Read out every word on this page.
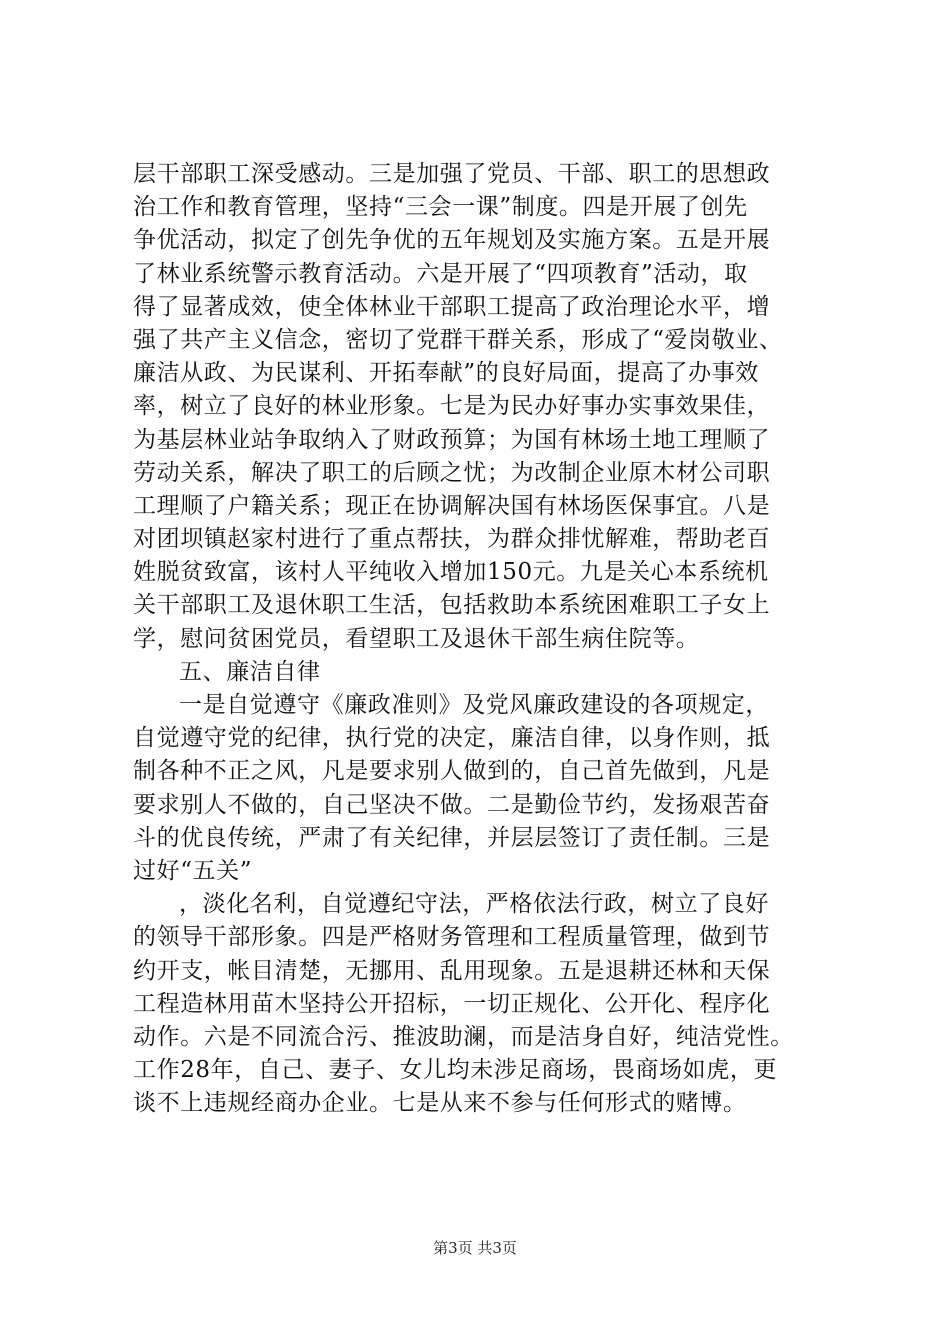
层干部职工深受感动。三是加强了党员、干部、职工的思想政
治工作和教育管理，坚持“三会一课”制度。四是开展了创先
争优活动，拟定了创先争优的五年规划及实施方案。五是开展
了林业系统警示教育活动。六是开展了“四项教育”活动，取
得了显著成效，使全体林业干部职工提高了政治理论水平，增
强了共产主义信念，密切了党群干群关系，形成了“爱岗敬业、
廉洁从政、为民谋利、开拓奉献”的良好局面，提高了办事效
率，树立了良好的林业形象。七是为民办好事办实事效果佳，
为基层林业站争取纳入了财政预算；为国有林场土地工理顺了
劳动关系，解决了职工的后顾之忧；为改制企业原木材公司职
工理顺了户籍关系；现正在协调解决国有林场医保事宜。八是
对团坝镇赵家村进行了重点帮扶，为群众排忧解难，帮助老百
姓脱贫致富，该村人平纯收入增加150元。九是关心本系统机
关干部职工及退休职工生活，包括救助本系统困难职工子女上
学，慰问贫困党员，看望职工及退休干部生病住院等。
五、廉洁自律
一是自觉遵守《廉政准则》及党风廉政建设的各项规定，
自觉遵守党的纪律，执行党的决定，廉洁自律，以身作则，抵
制各种不正之风，凡是要求别人做到的，自己首先做到，凡是
要求别人不做的，自己坚决不做。二是勤俭节约，发扬艰苦奋
斗的优良传统，严肃了有关纪律，并层层签订了责任制。三是
过好“五关”
，淡化名利，自觉遵纪守法，严格依法行政，树立了良好
的领导干部形象。四是严格财务管理和工程质量管理，做到节
约开支，帐目清楚，无挪用、乱用现象。五是退耕还林和天保
工程造林用苗木坚持公开招标，一切正规化、公开化、程序化
动作。六是不同流合污、推波助澜，而是洁身自好，纯洁党性。
工作28年，自己、妻子、女儿均未涉足商场，畏商场如虎，更
谈不上违规经商办企业。七是从来不参与任何形式的赌博。
第3页 共3页
